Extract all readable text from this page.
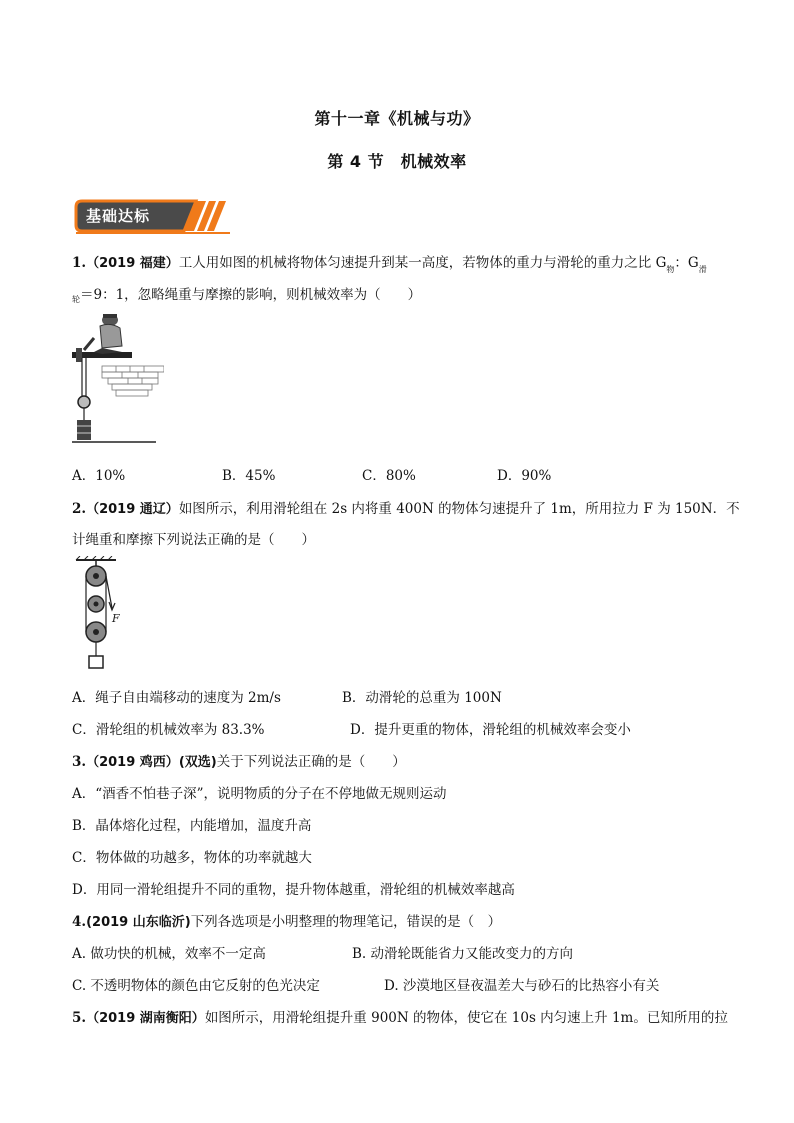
第十一章《机械与功》
第 4 节　机械效率
基础达标
1.（2019 福建）工人用如图的机械将物体匀速提升到某一高度，若物体的重力与滑轮的重力之比 $G_物$：$G_滑$
$_轮$＝9：1，忽略绳重与摩擦的影响，则机械效率为（　　）
A．10%	B．45%	C．80%	D．90%
2.（2019 通辽）如图所示，利用滑轮组在 2s 内将重 400N 的物体匀速提升了 1m，所用拉力 F 为 150N．不
计绳重和摩擦下列说法正确的是（　　）
F
A．绳子自由端移动的速度为 2m/s	B．动滑轮的总重为 100N
C．滑轮组的机械效率为 83.3%	D．提升更重的物体，滑轮组的机械效率会变小
3.（2019 鸡西）(双选)关于下列说法正确的是（　　）
A．“酒香不怕巷子深”，说明物质的分子在不停地做无规则运动
B．晶体熔化过程，内能增加，温度升高
C．物体做的功越多，物体的功率就越大
D．用同一滑轮组提升不同的重物，提升物体越重，滑轮组的机械效率越高
4.(2019 山东临沂)下列各选项是小明整理的物理笔记，错误的是（　）
A. 做功快的机械，效率不一定高	B. 动滑轮既能省力又能改变力的方向
C. 不透明物体的颜色由它反射的色光决定	D. 沙漠地区昼夜温差大与砂石的比热容小有关
5.（2019 湖南衡阳）如图所示，用滑轮组提升重 900N 的物体，使它在 10s 内匀速上升 1m。已知所用的拉
